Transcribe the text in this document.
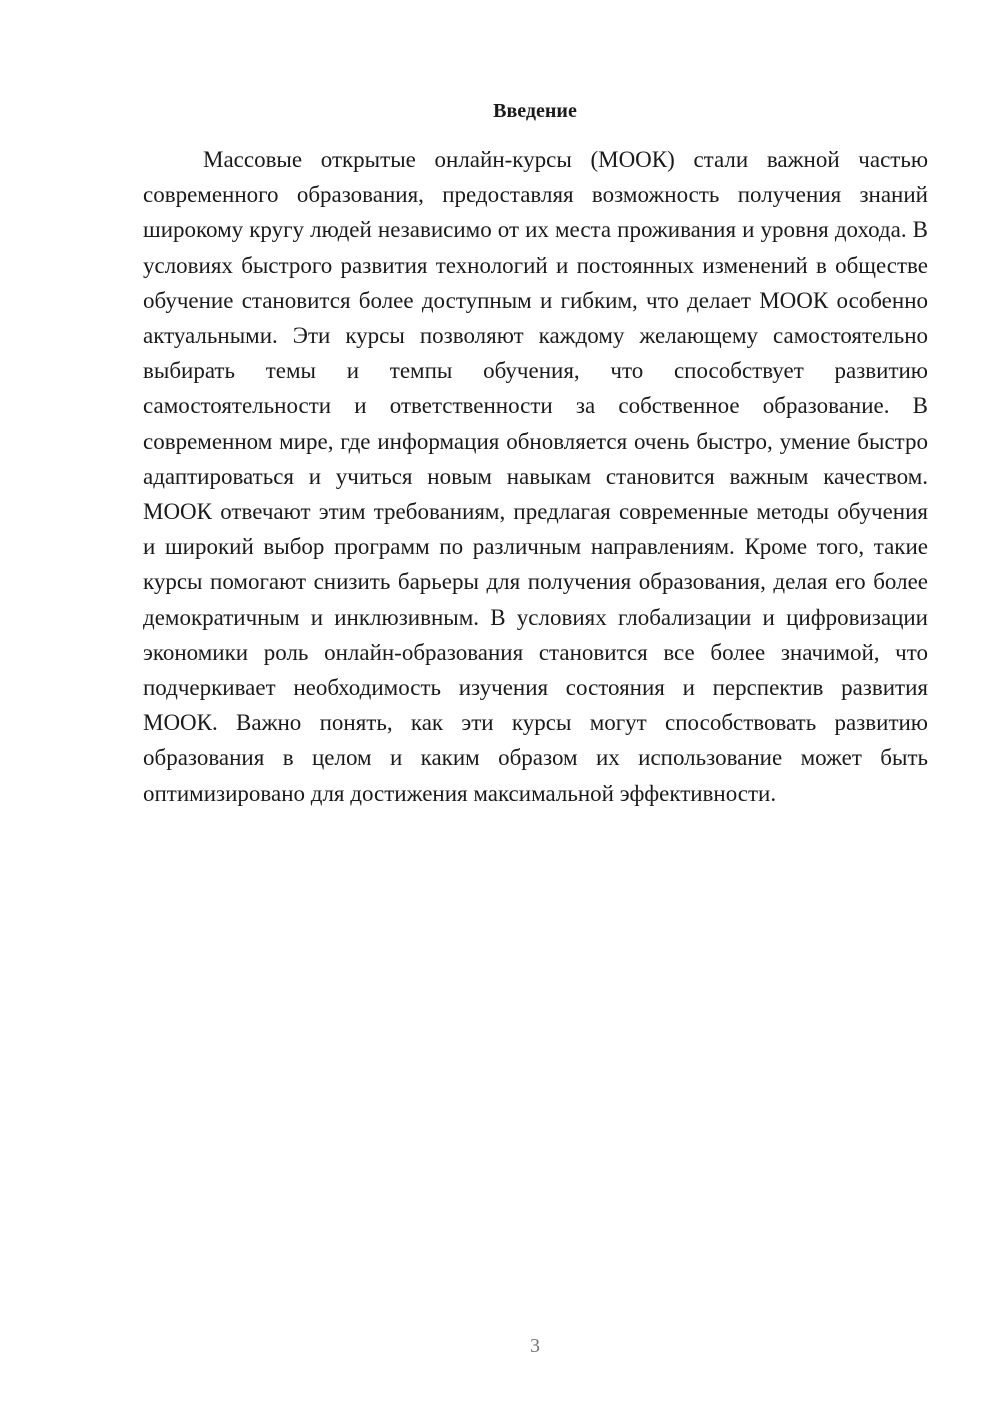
Введение

Массовые открытые онлайн-курсы (МООК) стали важной частью современного образования, предоставляя возможность получения знаний широкому кругу людей независимо от их места проживания и уровня дохода. В условиях быстрого развития технологий и постоянных изменений в обществе обучение становится более доступным и гибким, что делает МООК особенно актуальными. Эти курсы позволяют каждому желающему самостоятельно выбирать темы и темпы обучения, что способствует развитию самостоятельности и ответственности за собственное образование. В современном мире, где информация обновляется очень быстро, умение быстро адаптироваться и учиться новым навыкам становится важным качеством. МООК отвечают этим требованиям, предлагая современные методы обучения и широкий выбор программ по различным направлениям. Кроме того, такие курсы помогают снизить барьеры для получения образования, делая его более демократичным и инклюзивным. В условиях глобализации и цифровизации экономики роль онлайн-образования становится все более значимой, что подчеркивает необходимость изучения состояния и перспектив развития МООК. Важно понять, как эти курсы могут способствовать развитию образования в целом и каким образом их использование может быть оптимизировано для достижения максимальной эффективности.

3
